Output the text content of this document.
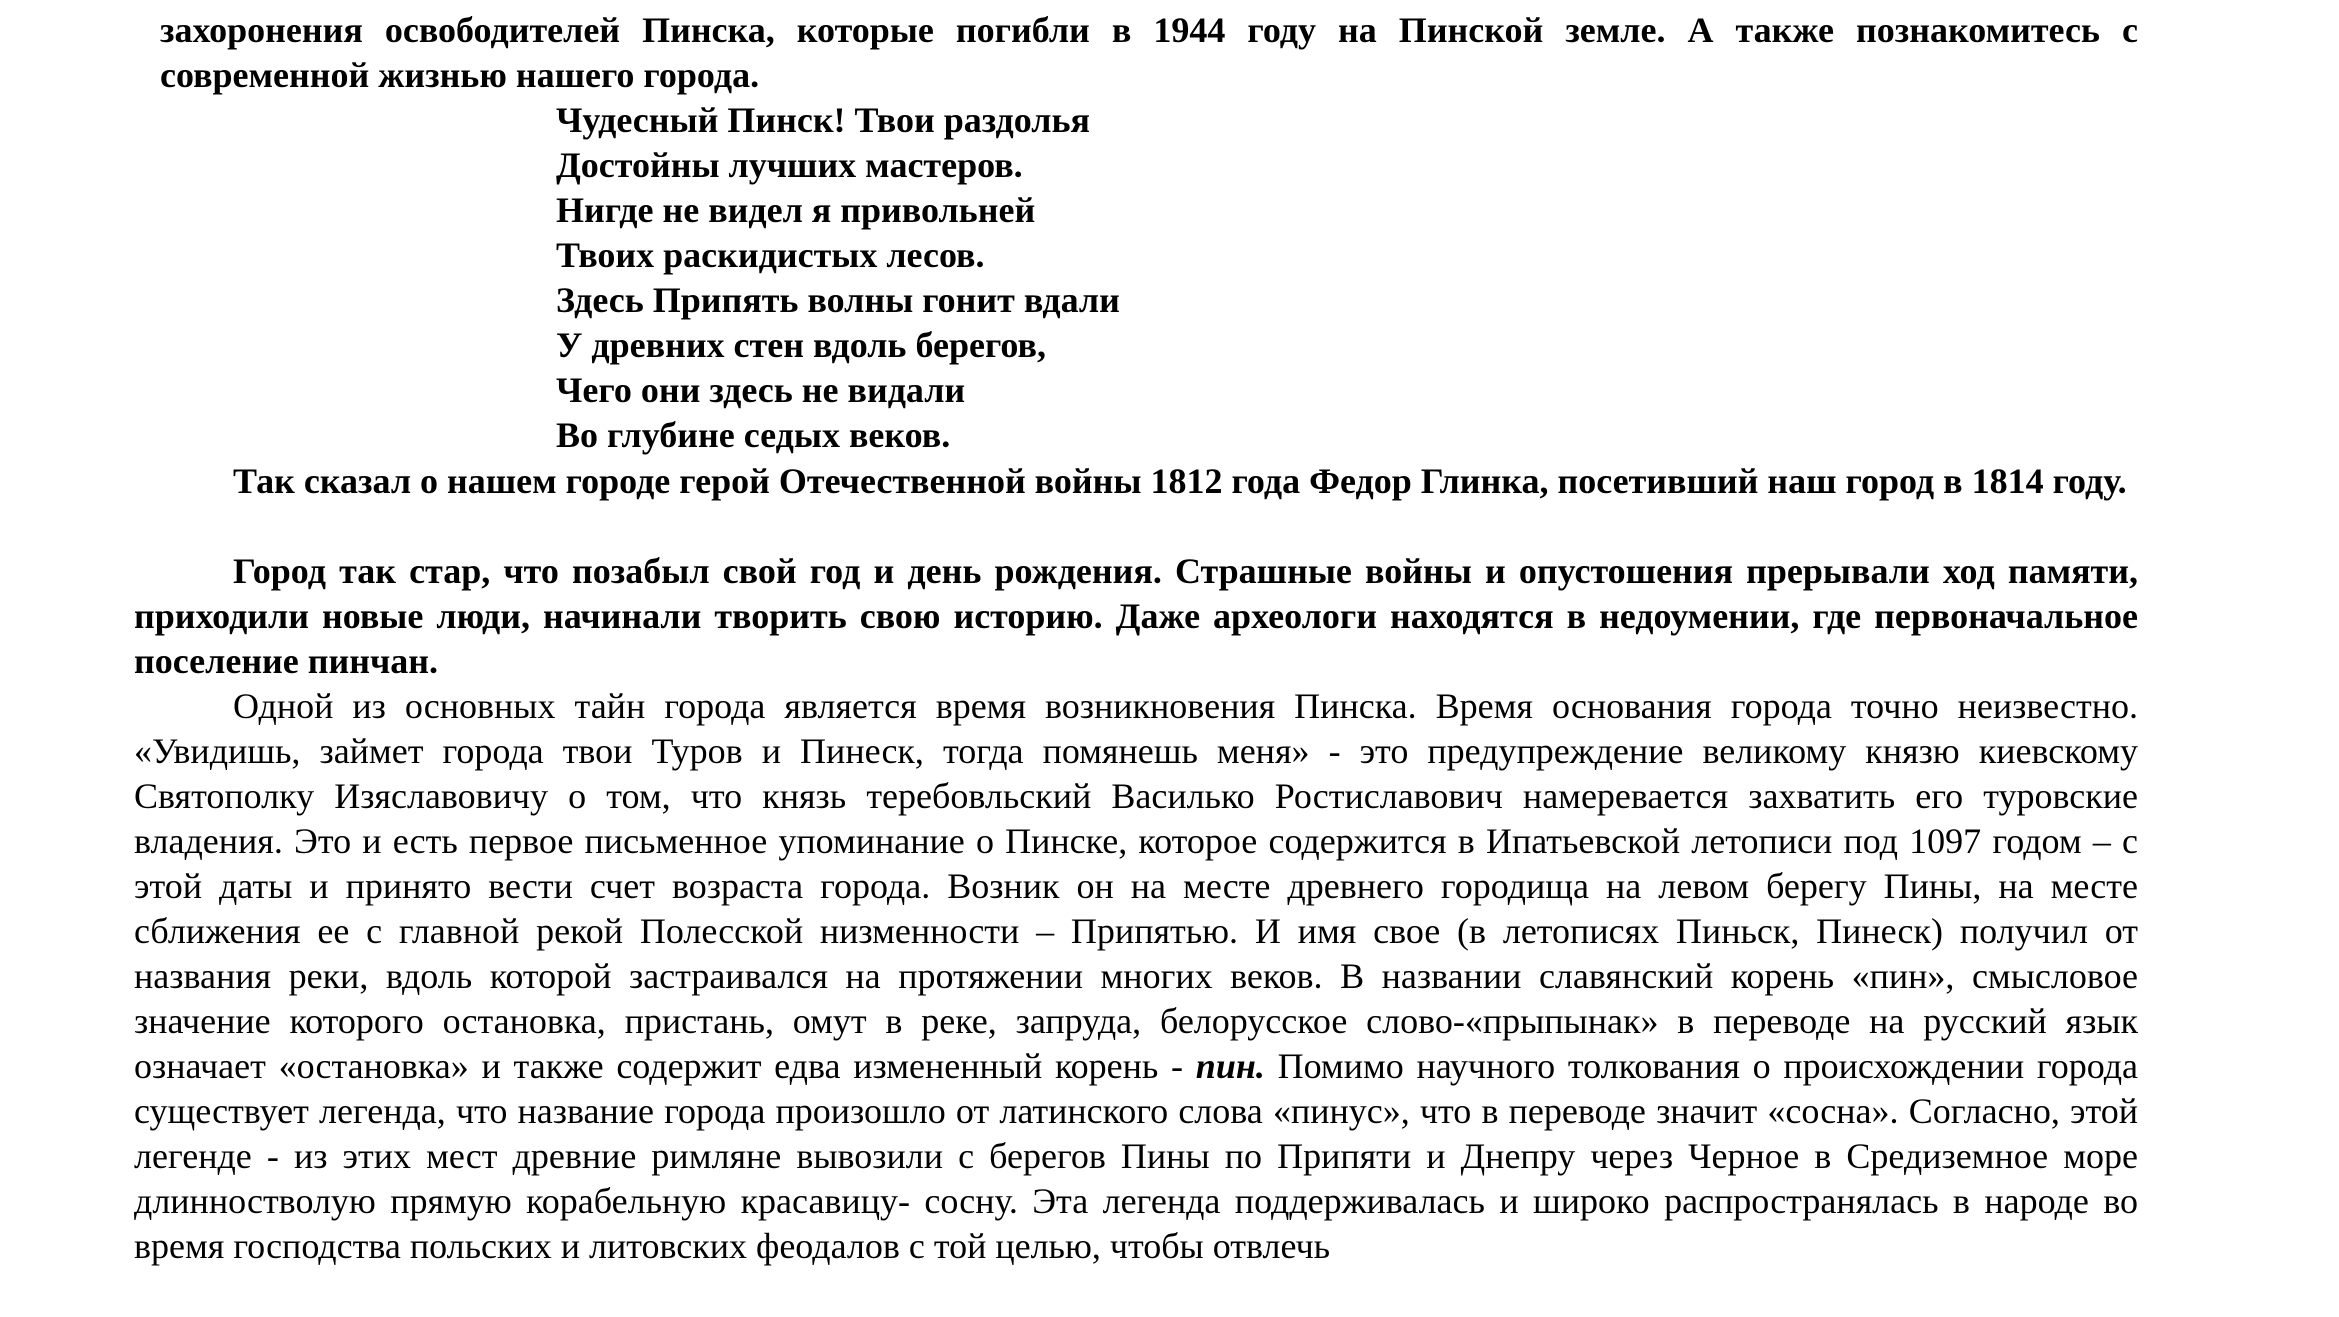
захоронения освободителей Пинска, которые погибли в 1944 году на Пинской земле. А также познакомитесь с современной жизнью нашего города.

Чудесный Пинск! Твои раздолья
Достойны лучших мастеров.
Нигде не видел я привольней
Твоих раскидистых лесов.
Здесь Припять волны гонит вдали
У древних стен вдоль берегов,
Чего они здесь не видали
Во глубине седых веков.

Так сказал о нашем городе герой Отечественной войны 1812 года Федор Глинка, посетивший наш город в 1814 году.

Город так стар, что позабыл свой год и день рождения. Страшные войны и опустошения прерывали ход памяти, приходили новые люди, начинали творить свою историю. Даже археологи находятся в недоумении, где первоначальное поселение пинчан.

Одной из основных тайн города является время возникновения Пинска. Время основания города точно неизвестно. «Увидишь, займет города твои Туров и Пинеск, тогда помянешь меня» - это предупреждение великому князю киевскому Святополку Изяславовичу о том, что князь теребовльский Василько Ростиславович намеревается захватить его туровские владения. Это и есть первое письменное упоминание о Пинске, которое содержится в Ипатьевской летописи под 1097 годом – с этой даты и принято вести счет возраста города. Возник он на месте древнего городища на левом берегу Пины, на месте сближения ее с главной рекой Полесской низменности – Припятью. И имя свое (в летописях Пиньск, Пинеск) получил от названия реки, вдоль которой застраивался на протяжении многих веков. В названии славянский корень «пин», смысловое значение которого остановка, пристань, омут в реке, запруда, белорусское слово-«прыпынак» в переводе на русский язык означает «остановка» и также содержит едва измененный корень - пин. Помимо научного толкования о происхождении города существует легенда, что название города произошло от латинского слова «пинус», что в переводе значит «сосна». Согласно, этой легенде - из этих мест древние римляне вывозили с берегов Пины по Припяти и Днепру через Черное в Средиземное море длинностволую прямую корабельную красавицу- сосну. Эта легенда поддерживалась и широко распространялась в народе во время господства польских и литовских феодалов с той целью, чтобы отвлечь
